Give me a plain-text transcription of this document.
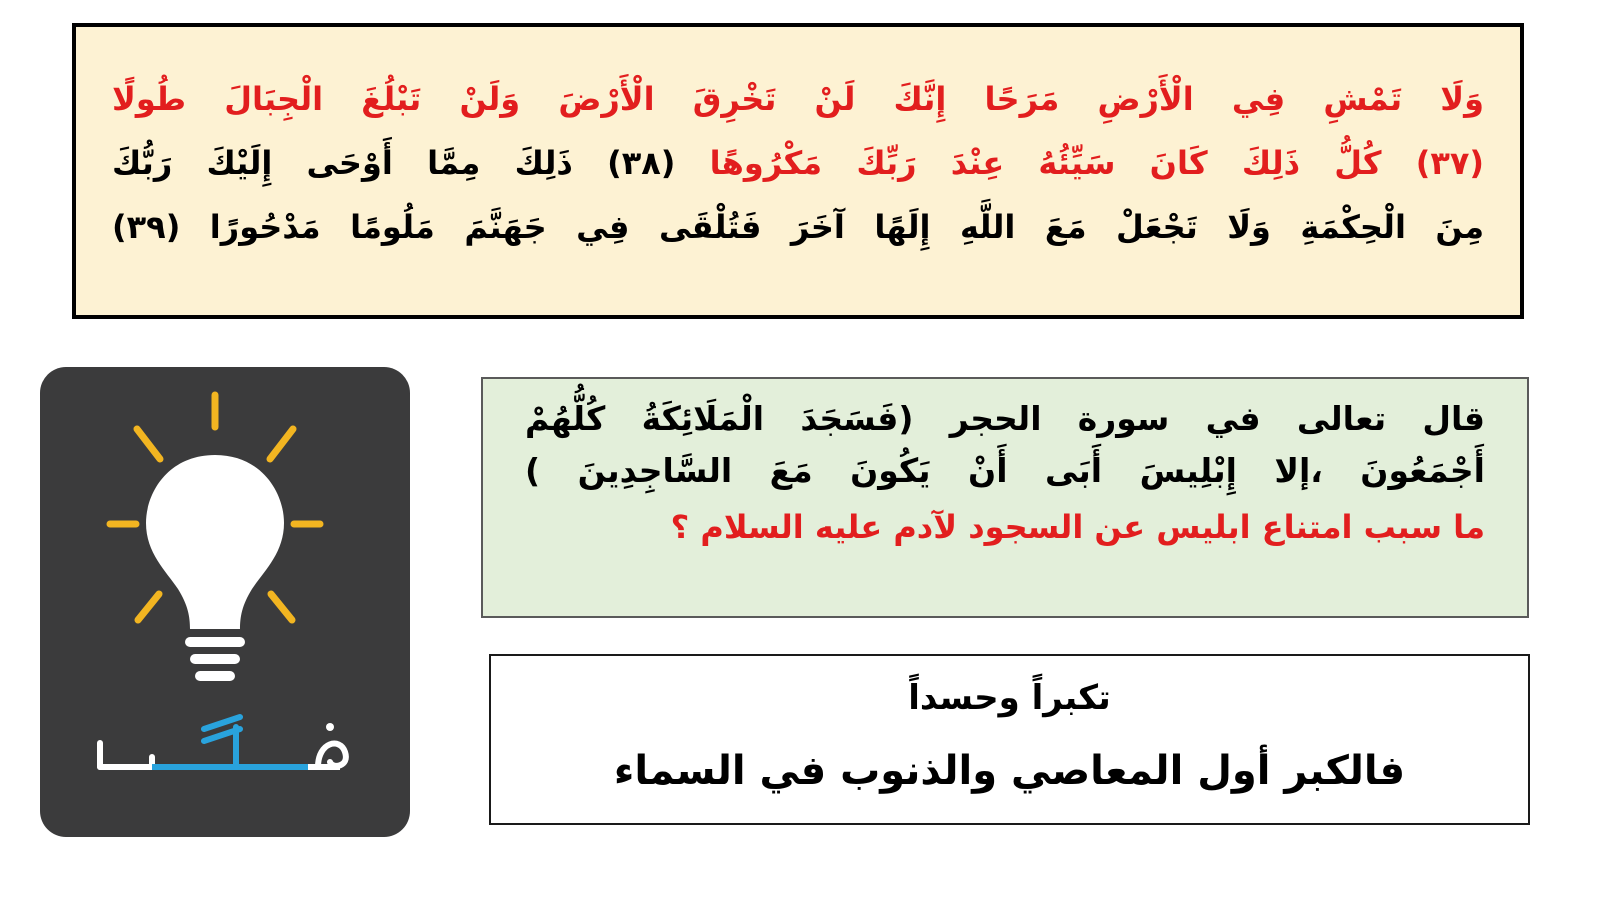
وَلَا تَمْشِ فِي الْأَرْضِ مَرَحًا إِنَّكَ لَنْ تَخْرِقَ الْأَرْضَ وَلَنْ تَبْلُغَ الْجِبَالَ طُولًا
(٣٧) كُلُّ ذَلِكَ كَانَ سَيِّئُهُ عِنْدَ رَبِّكَ مَكْرُوهًا (٣٨) ذَلِكَ مِمَّا أَوْحَى إِلَيْكَ رَبُّكَ
مِنَ الْحِكْمَةِ وَلَا تَجْعَلْ مَعَ اللَّهِ إِلَهًا آخَرَ فَتُلْقَى فِي جَهَنَّمَ مَلُومًا مَدْحُورًا (٣٩)
قال تعالى في سورة الحجر (فَسَجَدَ الْمَلَائِكَةُ كُلُّهُمْ
أَجْمَعُونَ ،إلا إِبْلِيسَ أَبَى أَنْ يَكُونَ مَعَ السَّاجِدِينَ )
ما سبب امتناع ابليس عن السجود لآدم عليه السلام ؟
تكبراً وحسداً
فالكبر أول المعاصي والذنوب في السماء
